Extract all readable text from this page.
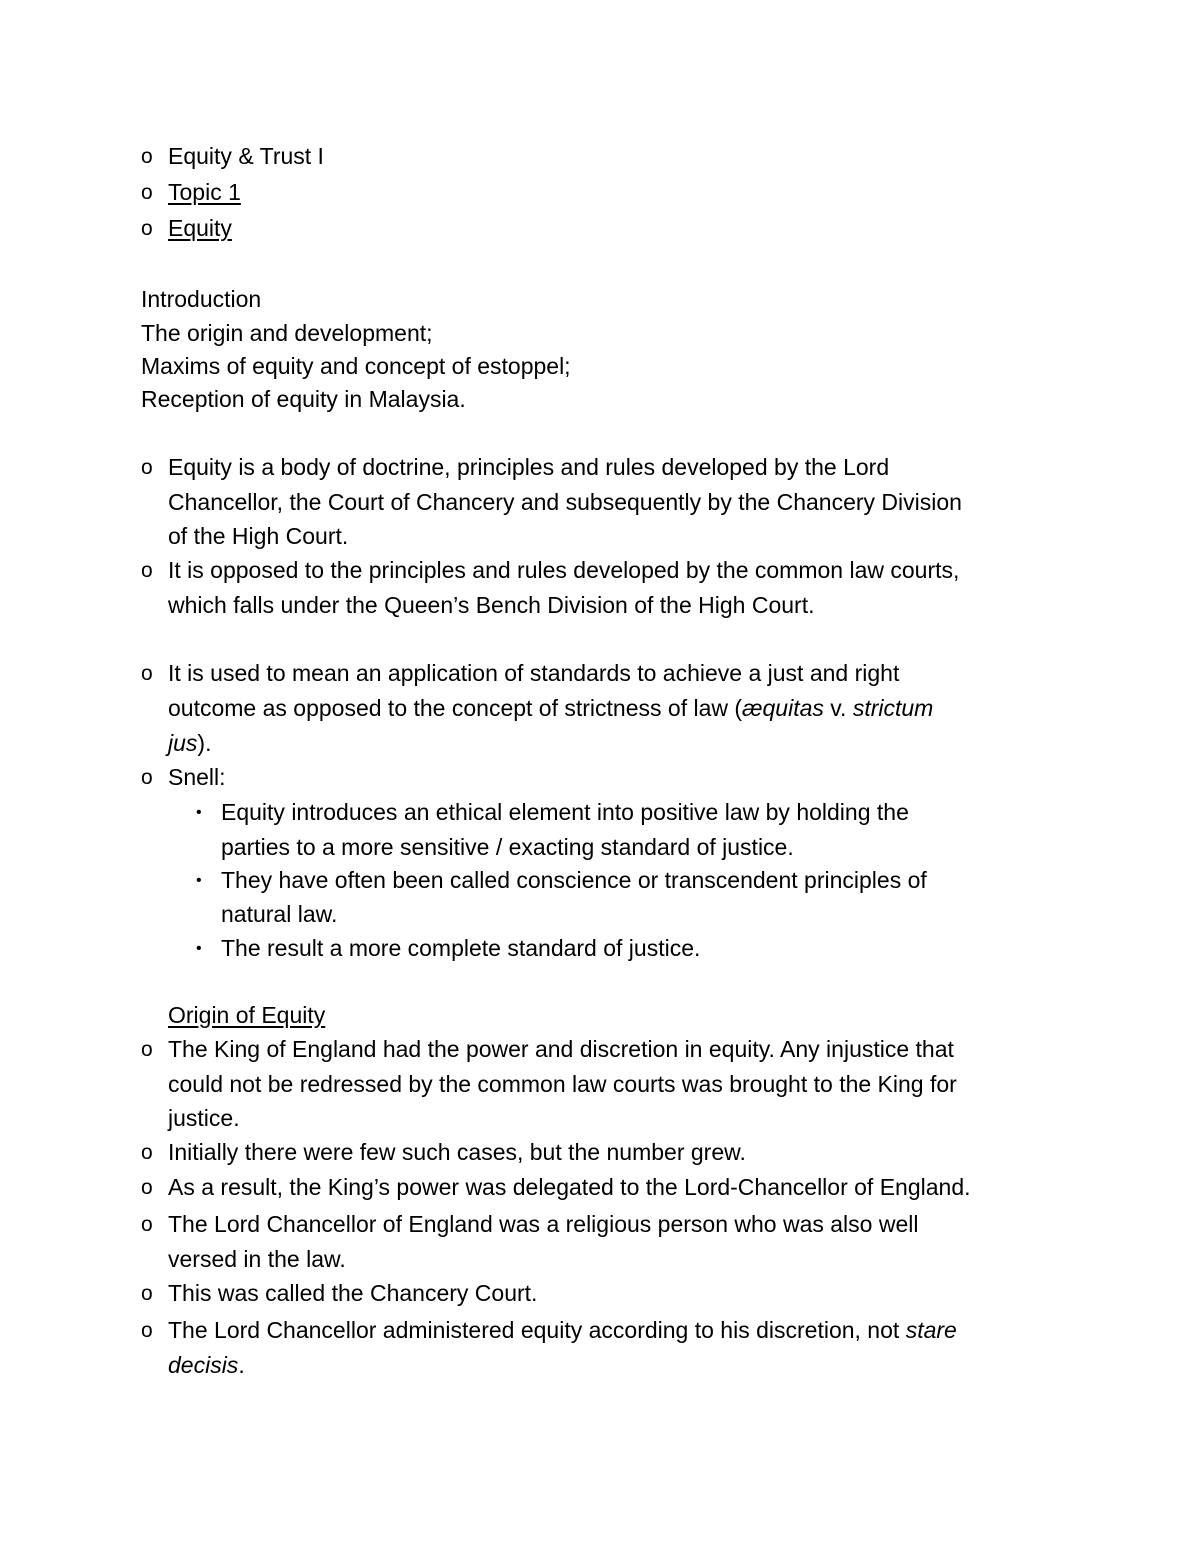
o Equity & Trust I
o Topic 1
o Equity
Introduction
The origin and development;
Maxims of equity and concept of estoppel;
Reception of equity in Malaysia.
o Equity is a body of doctrine, principles and rules developed by the Lord
Chancellor, the Court of Chancery and subsequently by the Chancery Division
of the High Court.
o It is opposed to the principles and rules developed by the common law courts,
which falls under the Queen’s Bench Division of the High Court.
o It is used to mean an application of standards to achieve a just and right
outcome as opposed to the concept of strictness of law (æquitas v. strictum
jus).
o Snell:
• Equity introduces an ethical element into positive law by holding the
parties to a more sensitive / exacting standard of justice.
• They have often been called conscience or transcendent principles of
natural law.
• The result a more complete standard of justice.
Origin of Equity
o The King of England had the power and discretion in equity. Any injustice that
could not be redressed by the common law courts was brought to the King for
justice.
o Initially there were few such cases, but the number grew.
o As a result, the King’s power was delegated to the Lord-Chancellor of England.
o The Lord Chancellor of England was a religious person who was also well
versed in the law.
o This was called the Chancery Court.
o The Lord Chancellor administered equity according to his discretion, not stare
decisis.
